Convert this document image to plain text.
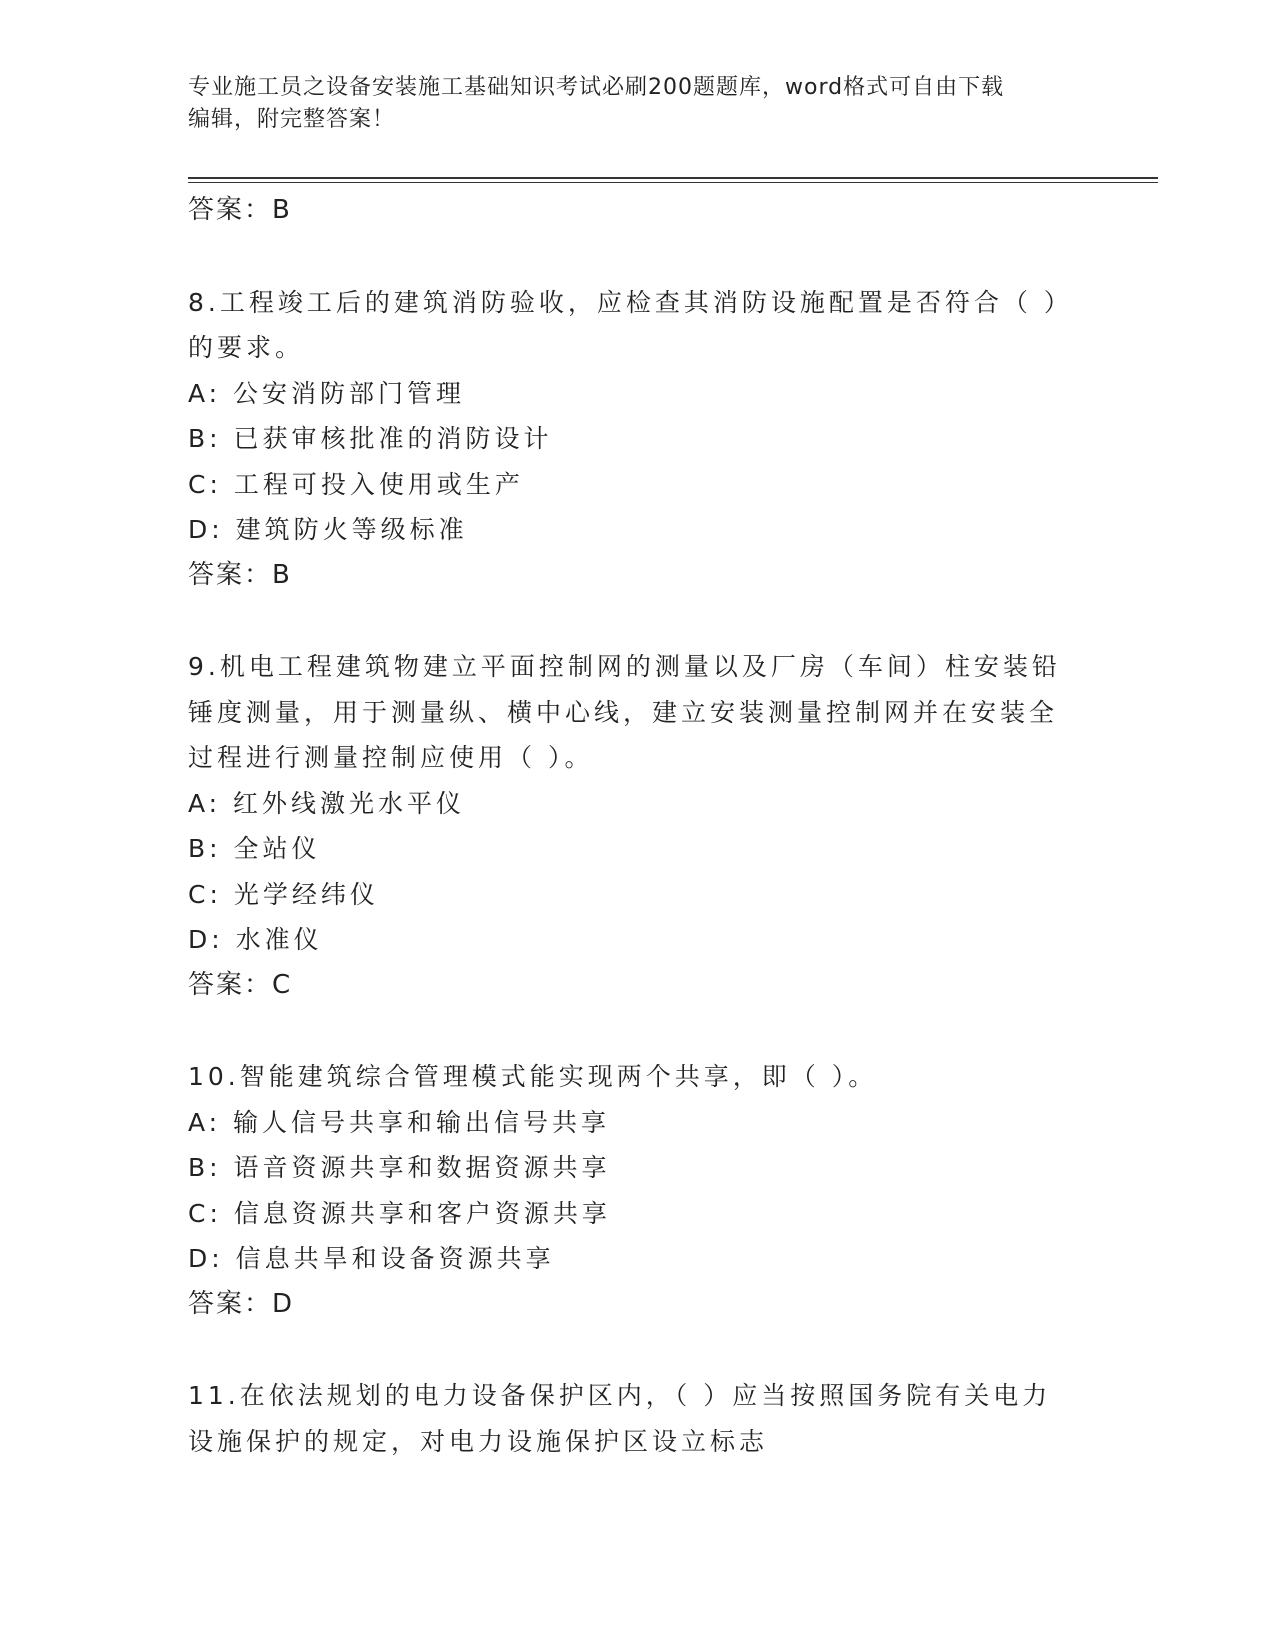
专业施工员之设备安装施工基础知识考试必刷200题题库，word格式可自由下载
编辑，附完整答案！
答案：B
8.工程竣工后的建筑消防验收，应检查其消防设施配置是否符合（ ）
的要求。
A: 公安消防部门管理
B: 已获审核批准的消防设计
C: 工程可投入使用或生产
D: 建筑防火等级标准
答案：B
9.机电工程建筑物建立平面控制网的测量以及厂房（车间）柱安装铅
锤度测量，用于测量纵、横中心线，建立安装测量控制网并在安装全
过程进行测量控制应使用（ ）。
A: 红外线激光水平仪
B: 全站仪
C: 光学经纬仪
D: 水准仪
答案：C
10.智能建筑综合管理模式能实现两个共享，即（ ）。
A: 输人信号共享和输出信号共享
B: 语音资源共享和数据资源共享
C: 信息资源共享和客户资源共享
D: 信息共旱和设备资源共享
答案：D
11.在依法规划的电力设备保护区内，（ ）应当按照国务院有关电力
设施保护的规定，对电力设施保护区设立标志
